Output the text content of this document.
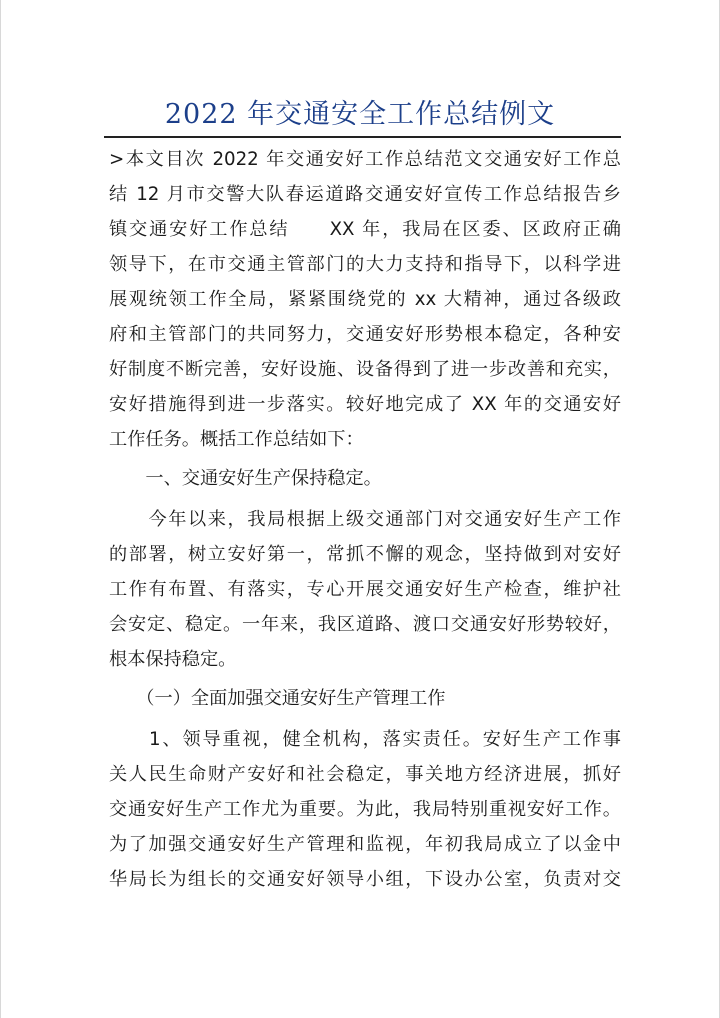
2022 年交通安全工作总结例文
>本文目次 2022 年交通安好工作总结范文交通安好工作总
结 12 月市交警大队春运道路交通安好宣传工作总结报告乡
镇交通安好工作总结　　XX 年，我局在区委、区政府正确
领导下，在市交通主管部门的大力支持和指导下，以科学进
展观统领工作全局，紧紧围绕党的 xx 大精神，通过各级政
府和主管部门的共同努力，交通安好形势根本稳定，各种安
好制度不断完善，安好设施、设备得到了进一步改善和充实，
安好措施得到进一步落实。较好地完成了 XX 年的交通安好
工作任务。概括工作总结如下：
　　一、交通安好生产保持稳定。
　　今年以来，我局根据上级交通部门对交通安好生产工作
的部署，树立安好第一，常抓不懈的观念，坚持做到对安好
工作有布置、有落实，专心开展交通安好生产检查，维护社
会安定、稳定。一年来，我区道路、渡口交通安好形势较好，
根本保持稳定。
　　（一）全面加强交通安好生产管理工作
　　1、领导重视，健全机构，落实责任。安好生产工作事
关人民生命财产安好和社会稳定，事关地方经济进展，抓好
交通安好生产工作尤为重要。为此，我局特别重视安好工作。
为了加强交通安好生产管理和监视，年初我局成立了以金中
华局长为组长的交通安好领导小组，下设办公室，负责对交
